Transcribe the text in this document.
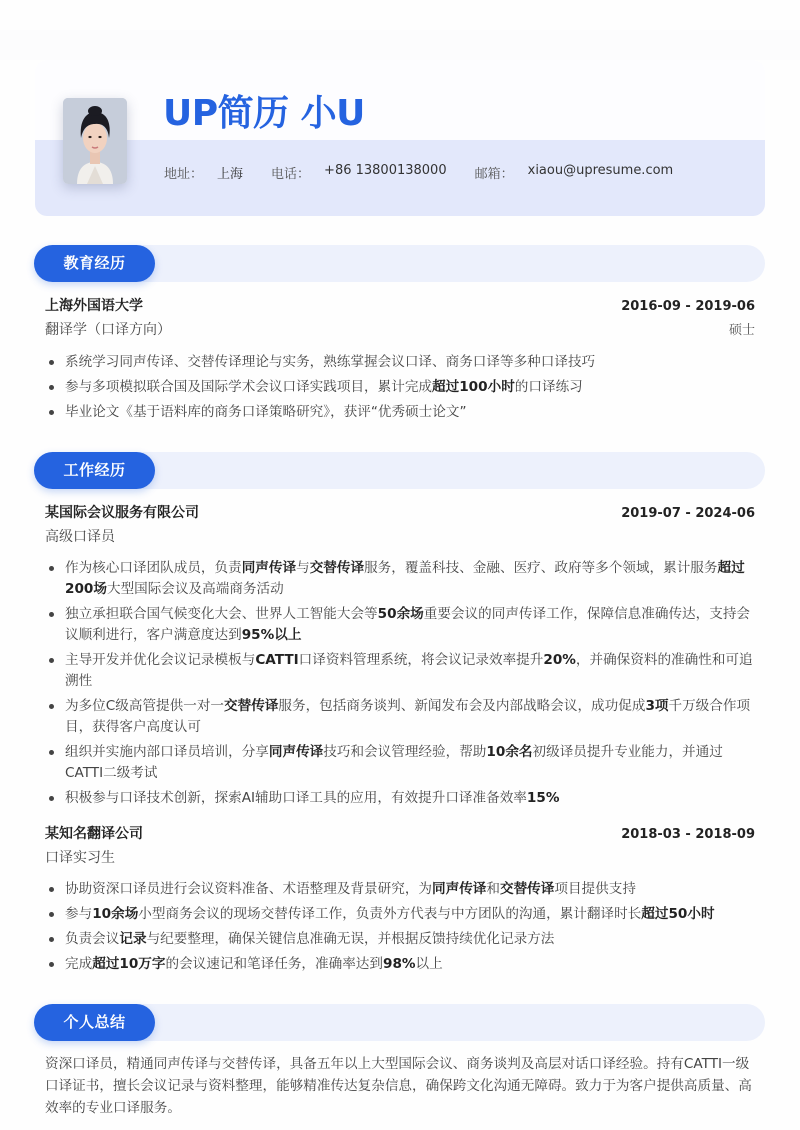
UP简历 小U
地址： 上海 电话： +86 13800138000 邮箱： xiaou@upresume.com
教育经历
上海外国语大学	2016-09 - 2019-06
翻译学（口译方向）	硕士
系统学习同声传译、交替传译理论与实务，熟练掌握会议口译、商务口译等多种口译技巧
参与多项模拟联合国及国际学术会议口译实践项目，累计完成超过100小时的口译练习
毕业论文《基于语料库的商务口译策略研究》，获评“优秀硕士论文”
工作经历
某国际会议服务有限公司	2019-07 - 2024-06
高级口译员
作为核心口译团队成员，负责同声传译与交替传译服务，覆盖科技、金融、医疗、政府等多个领域，累计服务超过200场大型国际会议及高端商务活动
独立承担联合国气候变化大会、世界人工智能大会等50余场重要会议的同声传译工作，保障信息准确传达，支持会议顺利进行，客户满意度达到95%以上
主导开发并优化会议记录模板与CATTI口译资料管理系统，将会议记录效率提升20%，并确保资料的准确性和可追溯性
为多位C级高管提供一对一交替传译服务，包括商务谈判、新闻发布会及内部战略会议，成功促成3项千万级合作项目，获得客户高度认可
组织并实施内部口译员培训，分享同声传译技巧和会议管理经验，帮助10余名初级译员提升专业能力，并通过CATTI二级考试
积极参与口译技术创新，探索AI辅助口译工具的应用，有效提升口译准备效率15%
某知名翻译公司	2018-03 - 2018-09
口译实习生
协助资深口译员进行会议资料准备、术语整理及背景研究，为同声传译和交替传译项目提供支持
参与10余场小型商务会议的现场交替传译工作，负责外方代表与中方团队的沟通，累计翻译时长超过50小时
负责会议记录与纪要整理，确保关键信息准确无误，并根据反馈持续优化记录方法
完成超过10万字的会议速记和笔译任务，准确率达到98%以上
个人总结
资深口译员，精通同声传译与交替传译，具备五年以上大型国际会议、商务谈判及高层对话口译经验。持有CATTI一级口译证书，擅长会议记录与资料整理，能够精准传达复杂信息，确保跨文化沟通无障碍。致力于为客户提供高质量、高效率的专业口译服务。
